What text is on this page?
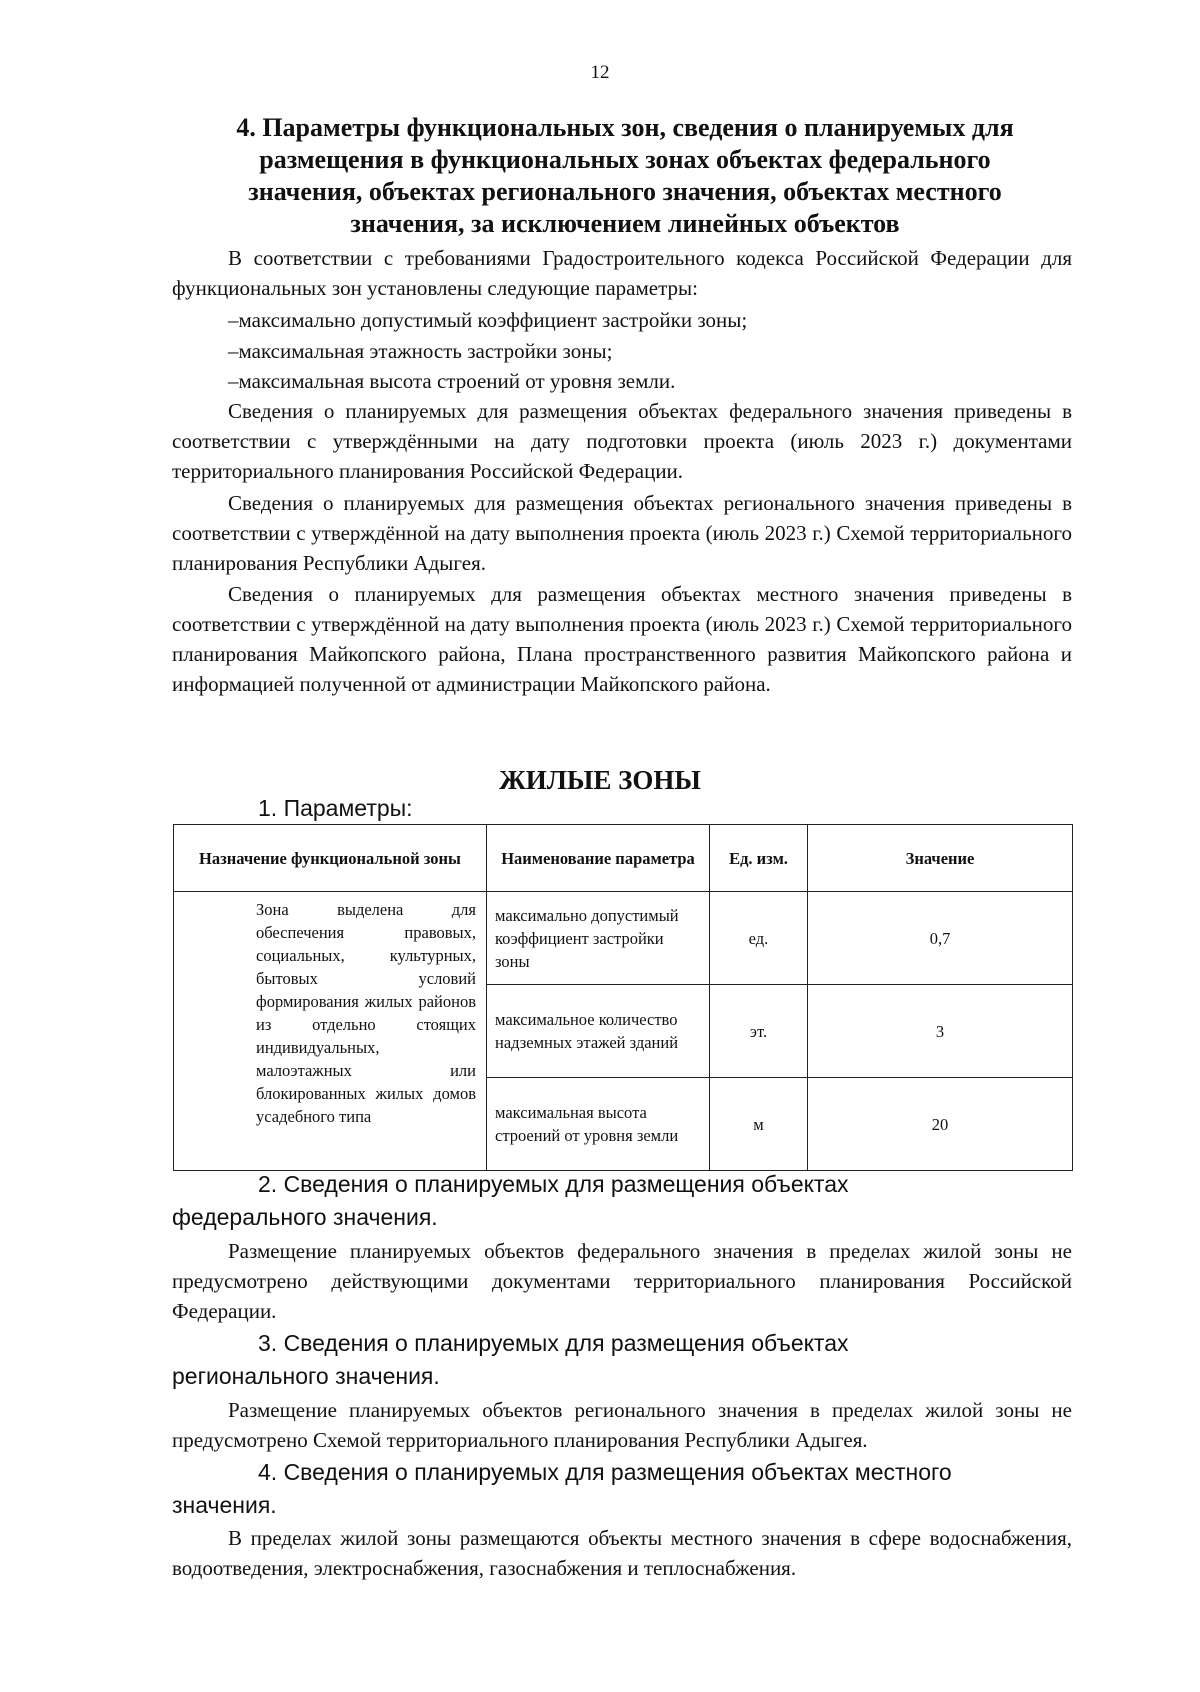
12
4. Параметры функциональных зон, сведения о планируемых для
размещения в функциональных зонах объектах федерального
значения, объектах регионального значения, объектах местного
значения, за исключением линейных объектов

В соответствии с требованиями Градостроительного кодекса Российской Федерации для функциональных зон установлены следующие параметры:

–максимально допустимый коэффициент застройки зоны;
–максимальная этажность застройки зоны;
–максимальная высота строений от уровня земли.

Сведения о планируемых для размещения объектах федерального значения приведены в соответствии с утверждёнными на дату подготовки проекта (июль 2023 г.) документами территориального планирования Российской Федерации.

Сведения о планируемых для размещения объектах регионального значения приведены в соответствии с утверждённой на дату выполнения проекта (июль 2023 г.) Схемой территориального планирования Республики Адыгея.

Сведения о планируемых для размещения объектах местного значения приведены в соответствии с утверждённой на дату выполнения проекта (июль 2023 г.) Схемой территориального планирования Майкопского района, Плана пространственного развития Майкопского района и информацией полученной от администрации Майкопского района.

ЖИЛЫЕ ЗОНЫ
1. Параметры:
Назначение функциональной зоны	Наименование параметра	Ед. изм.	Значение
Зона выделена для обеспечения правовых, социальных, культурных, бытовых условий формирования жилых районов из отдельно стоящих индивидуальных, малоэтажных или блокированных жилых домов усадебного типа	максимально допустимый коэффициент застройки зоны	ед.	0,7
	максимальное количество надземных этажей зданий	эт.	3
	максимальная высота строений от уровня земли	м	20
2. Сведения о планируемых для размещения объектах
федерального значения.

Размещение планируемых объектов федерального значения в пределах жилой зоны не предусмотрено действующими документами территориального планирования Российской Федерации.

3. Сведения о планируемых для размещения объектах
регионального значения.

Размещение планируемых объектов регионального значения в пределах жилой зоны не предусмотрено Схемой территориального планирования Республики Адыгея.

4. Сведения о планируемых для размещения объектах местного
значения.

В пределах жилой зоны размещаются объекты местного значения в сфере водоснабжения, водоотведения, электроснабжения, газоснабжения и теплоснабжения.
